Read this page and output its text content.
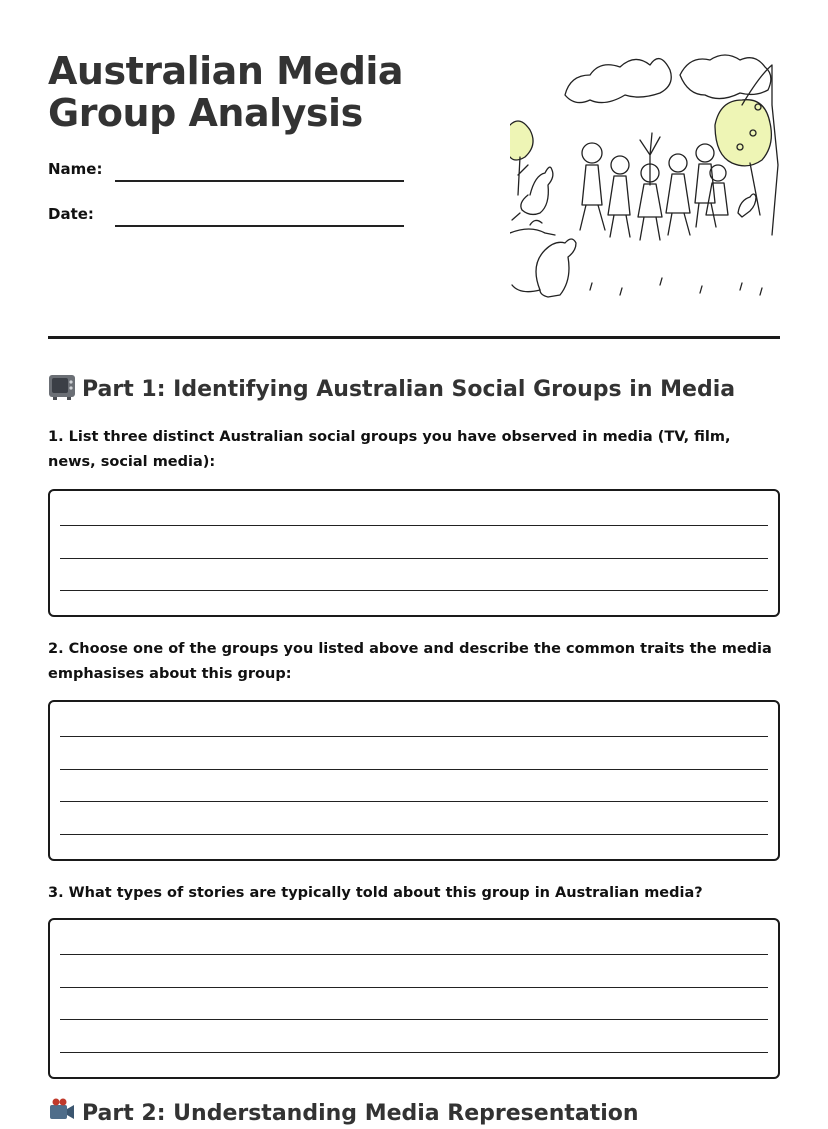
Australian Media Group Analysis
Name:
Date:
Part 1: Identifying Australian Social Groups in Media

1. List three distinct Australian social groups you have observed in media (TV, film, news, social media):

2. Choose one of the groups you listed above and describe the common traits the media emphasises about this group:

3. What types of stories are typically told about this group in Australian media?

Part 2: Understanding Media Representation
